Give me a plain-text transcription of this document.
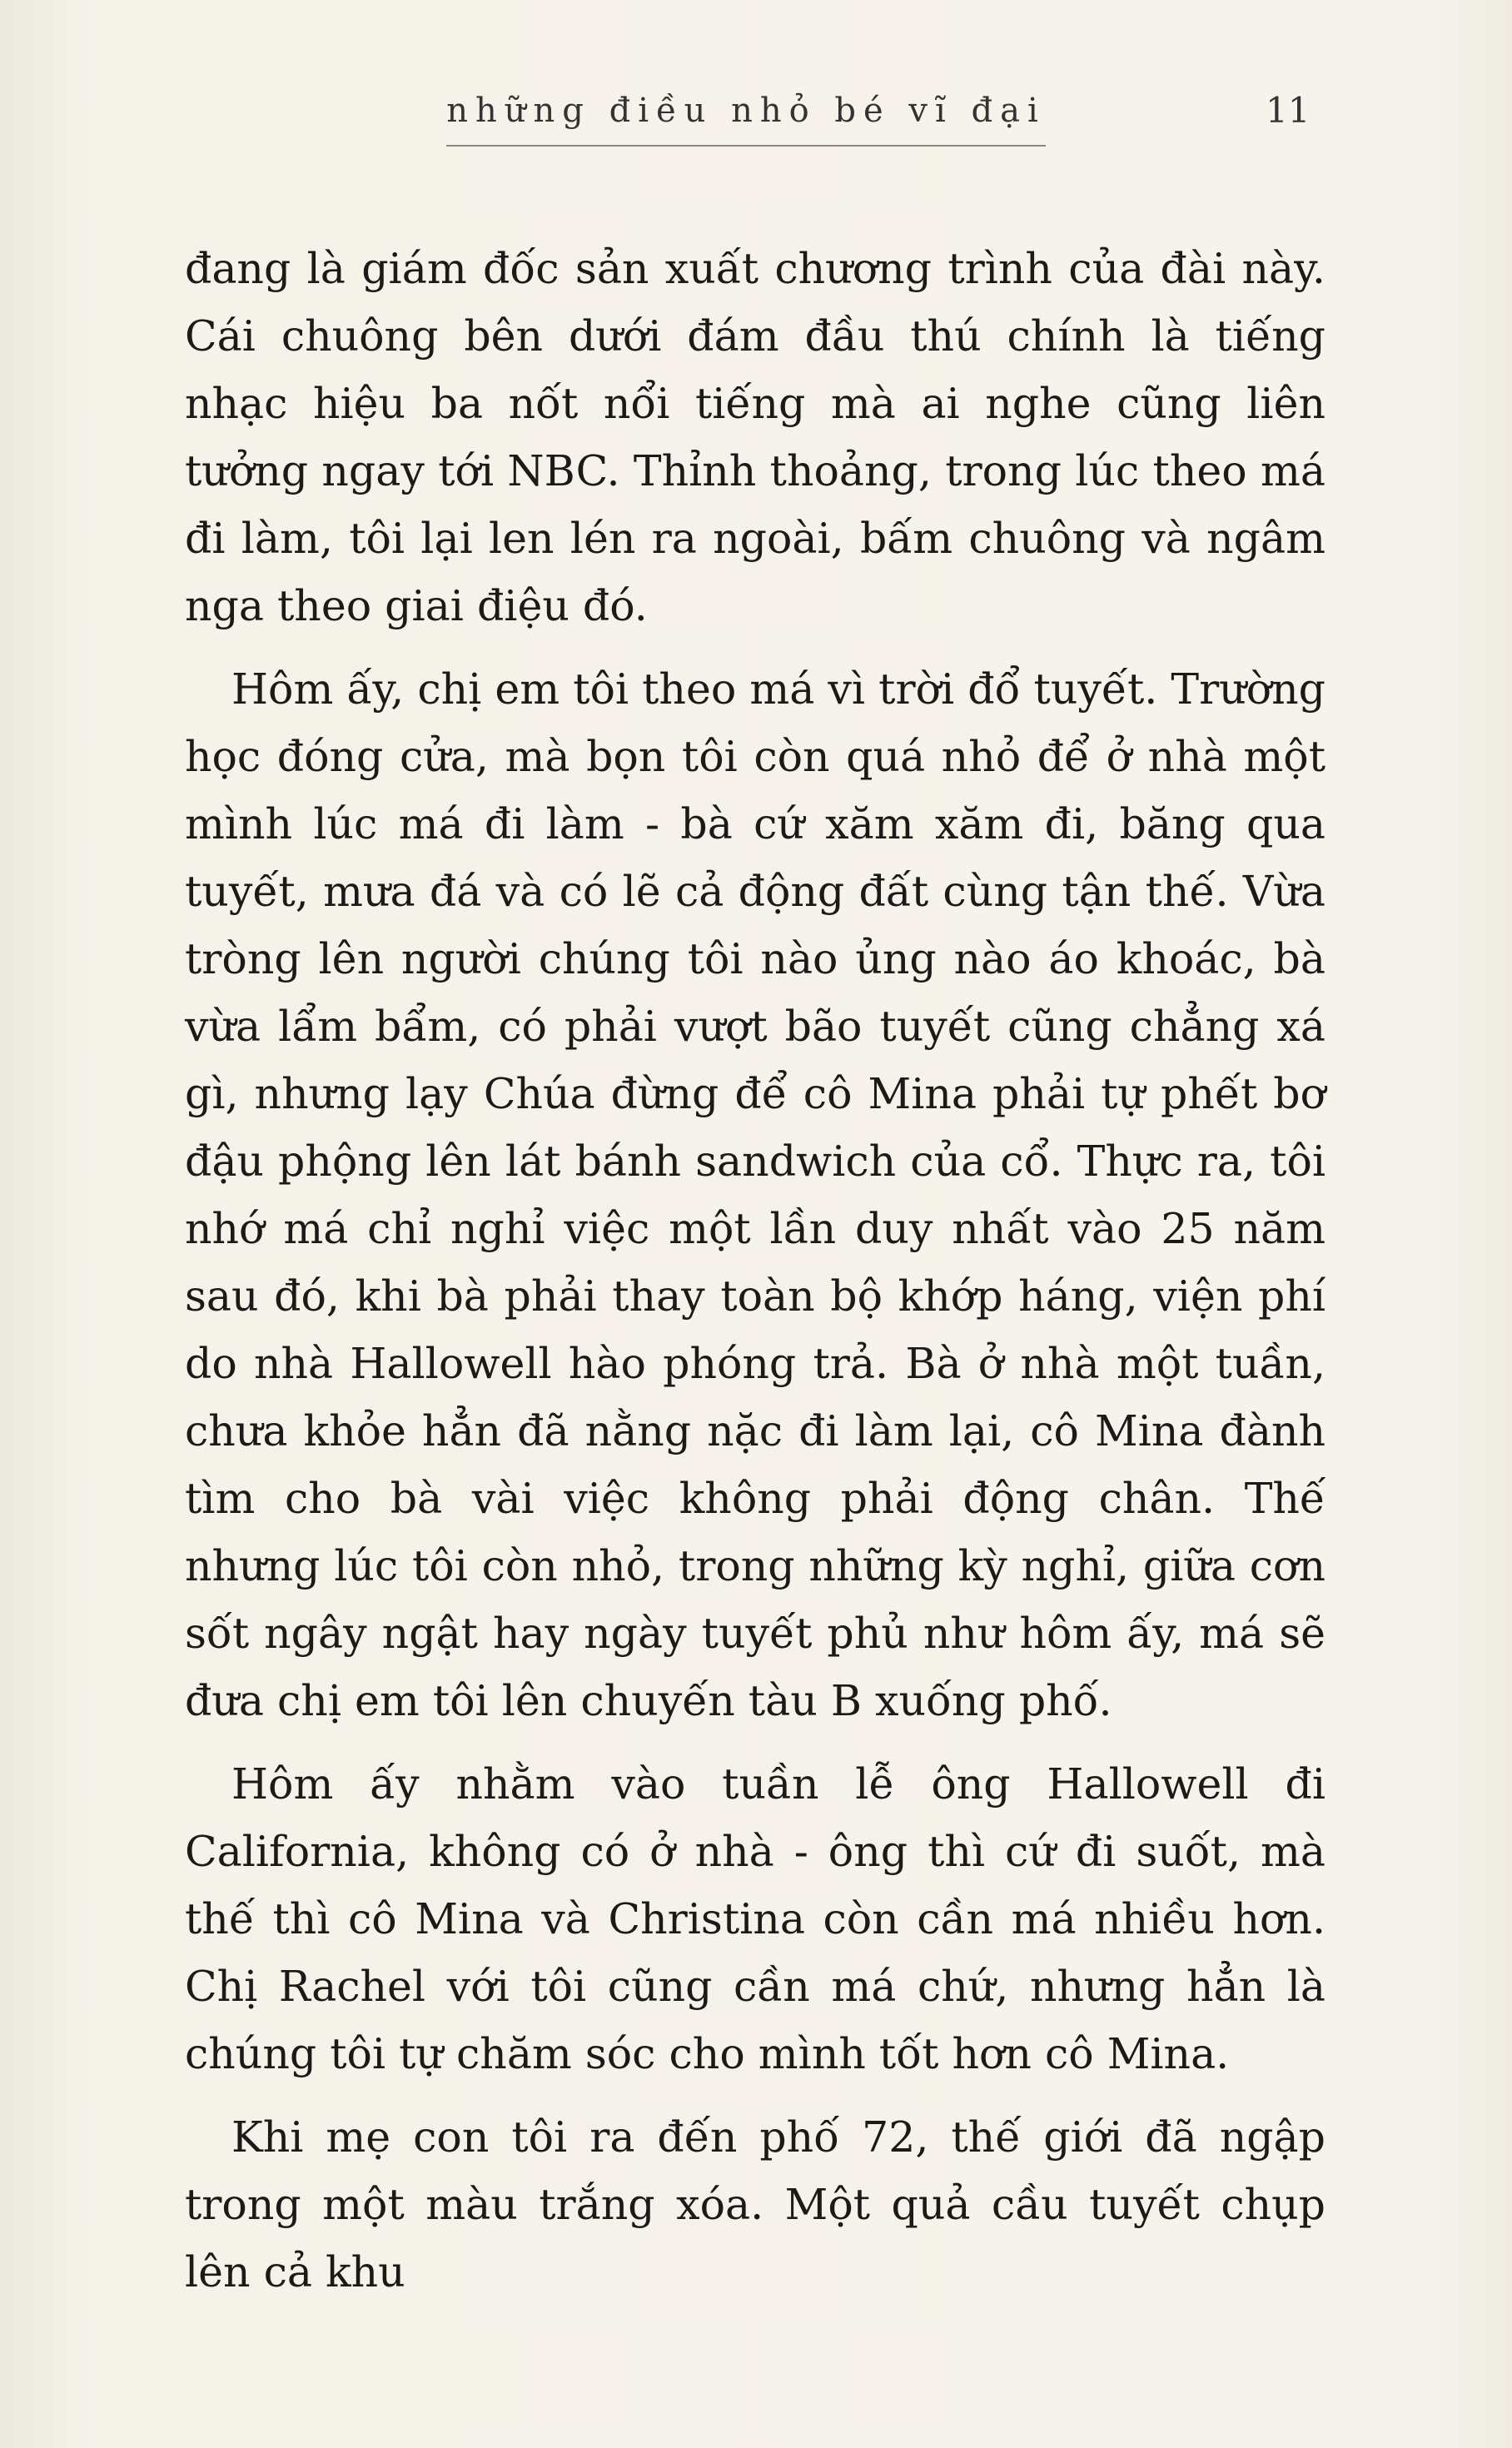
những điều nhỏ bé vĩ đại	11

đang là giám đốc sản xuất chương trình của đài này. Cái chuông bên dưới đám đầu thú chính là tiếng nhạc hiệu ba nốt nổi tiếng mà ai nghe cũng liên tưởng ngay tới NBC. Thỉnh thoảng, trong lúc theo má đi làm, tôi lại len lén ra ngoài, bấm chuông và ngâm nga theo giai điệu đó.

Hôm ấy, chị em tôi theo má vì trời đổ tuyết. Trường học đóng cửa, mà bọn tôi còn quá nhỏ để ở nhà một mình lúc má đi làm - bà cứ xăm xăm đi, băng qua tuyết, mưa đá và có lẽ cả động đất cùng tận thế. Vừa tròng lên người chúng tôi nào ủng nào áo khoác, bà vừa lẩm bẩm, có phải vượt bão tuyết cũng chẳng xá gì, nhưng lạy Chúa đừng để cô Mina phải tự phết bơ đậu phộng lên lát bánh sandwich của cổ. Thực ra, tôi nhớ má chỉ nghỉ việc một lần duy nhất vào 25 năm sau đó, khi bà phải thay toàn bộ khớp háng, viện phí do nhà Hallowell hào phóng trả. Bà ở nhà một tuần, chưa khỏe hẳn đã nằng nặc đi làm lại, cô Mina đành tìm cho bà vài việc không phải động chân. Thế nhưng lúc tôi còn nhỏ, trong những kỳ nghỉ, giữa cơn sốt ngây ngật hay ngày tuyết phủ như hôm ấy, má sẽ đưa chị em tôi lên chuyến tàu B xuống phố.

Hôm ấy nhằm vào tuần lễ ông Hallowell đi California, không có ở nhà - ông thì cứ đi suốt, mà thế thì cô Mina và Christina còn cần má nhiều hơn. Chị Rachel với tôi cũng cần má chứ, nhưng hẳn là chúng tôi tự chăm sóc cho mình tốt hơn cô Mina.

Khi mẹ con tôi ra đến phố 72, thế giới đã ngập trong một màu trắng xóa. Một quả cầu tuyết chụp lên cả khu
